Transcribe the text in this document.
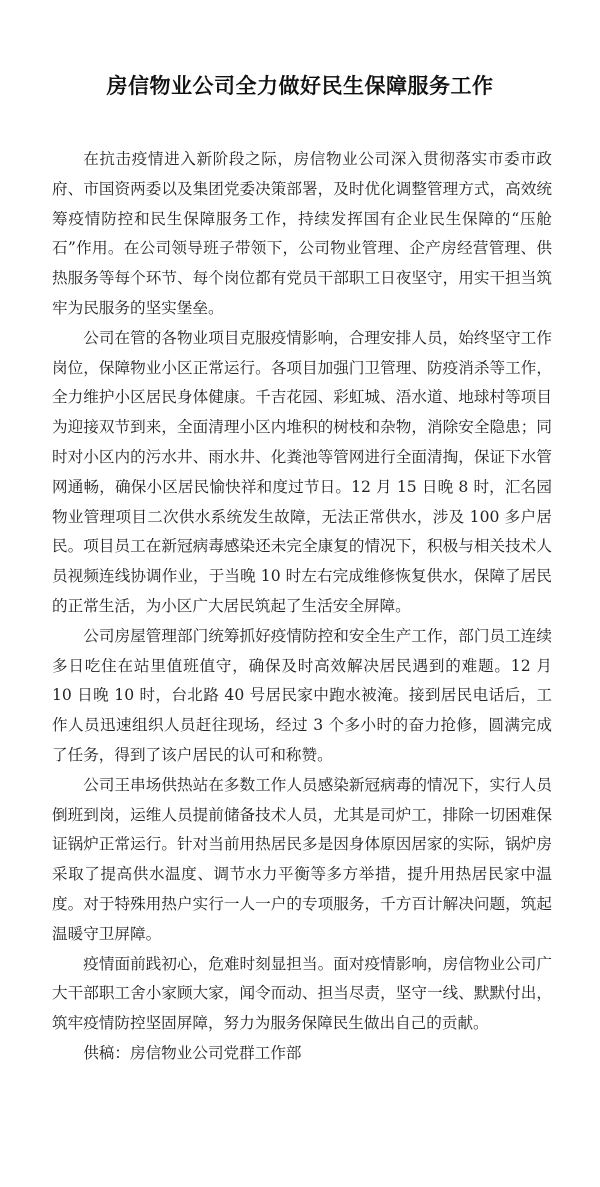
房信物业公司全力做好民生保障服务工作

在抗击疫情进入新阶段之际，房信物业公司深入贯彻落实市委市政府、市国资两委以及集团党委决策部署，及时优化调整管理方式，高效统筹疫情防控和民生保障服务工作，持续发挥国有企业民生保障的“压舱石”作用。在公司领导班子带领下，公司物业管理、企产房经营管理、供热服务等每个环节、每个岗位都有党员干部职工日夜坚守，用实干担当筑牢为民服务的坚实堡垒。

公司在管的各物业项目克服疫情影响，合理安排人员，始终坚守工作岗位，保障物业小区正常运行。各项目加强门卫管理、防疫消杀等工作，全力维护小区居民身体健康。千吉花园、彩虹城、浯水道、地球村等项目为迎接双节到来，全面清理小区内堆积的树枝和杂物，消除安全隐患；同时对小区内的污水井、雨水井、化粪池等管网进行全面清掏，保证下水管网通畅，确保小区居民愉快祥和度过节日。12 月 15 日晚 8 时，汇名园物业管理项目二次供水系统发生故障，无法正常供水，涉及 100 多户居民。项目员工在新冠病毒感染还未完全康复的情况下，积极与相关技术人员视频连线协调作业，于当晚 10 时左右完成维修恢复供水，保障了居民的正常生活，为小区广大居民筑起了生活安全屏障。

公司房屋管理部门统筹抓好疫情防控和安全生产工作，部门员工连续多日吃住在站里值班值守，确保及时高效解决居民遇到的难题。12 月 10 日晚 10 时，台北路 40 号居民家中跑水被淹。接到居民电话后，工作人员迅速组织人员赶往现场，经过 3 个多小时的奋力抢修，圆满完成了任务，得到了该户居民的认可和称赞。

公司王串场供热站在多数工作人员感染新冠病毒的情况下，实行人员倒班到岗，运维人员提前储备技术人员，尤其是司炉工，排除一切困难保证锅炉正常运行。针对当前用热居民多是因身体原因居家的实际，锅炉房采取了提高供水温度、调节水力平衡等多方举措，提升用热居民家中温度。对于特殊用热户实行一人一户的专项服务，千方百计解决问题，筑起温暖守卫屏障。

疫情面前践初心，危难时刻显担当。面对疫情影响，房信物业公司广大干部职工舍小家顾大家，闻令而动、担当尽责，坚守一线、默默付出，筑牢疫情防控坚固屏障，努力为服务保障民生做出自己的贡献。

供稿：房信物业公司党群工作部
